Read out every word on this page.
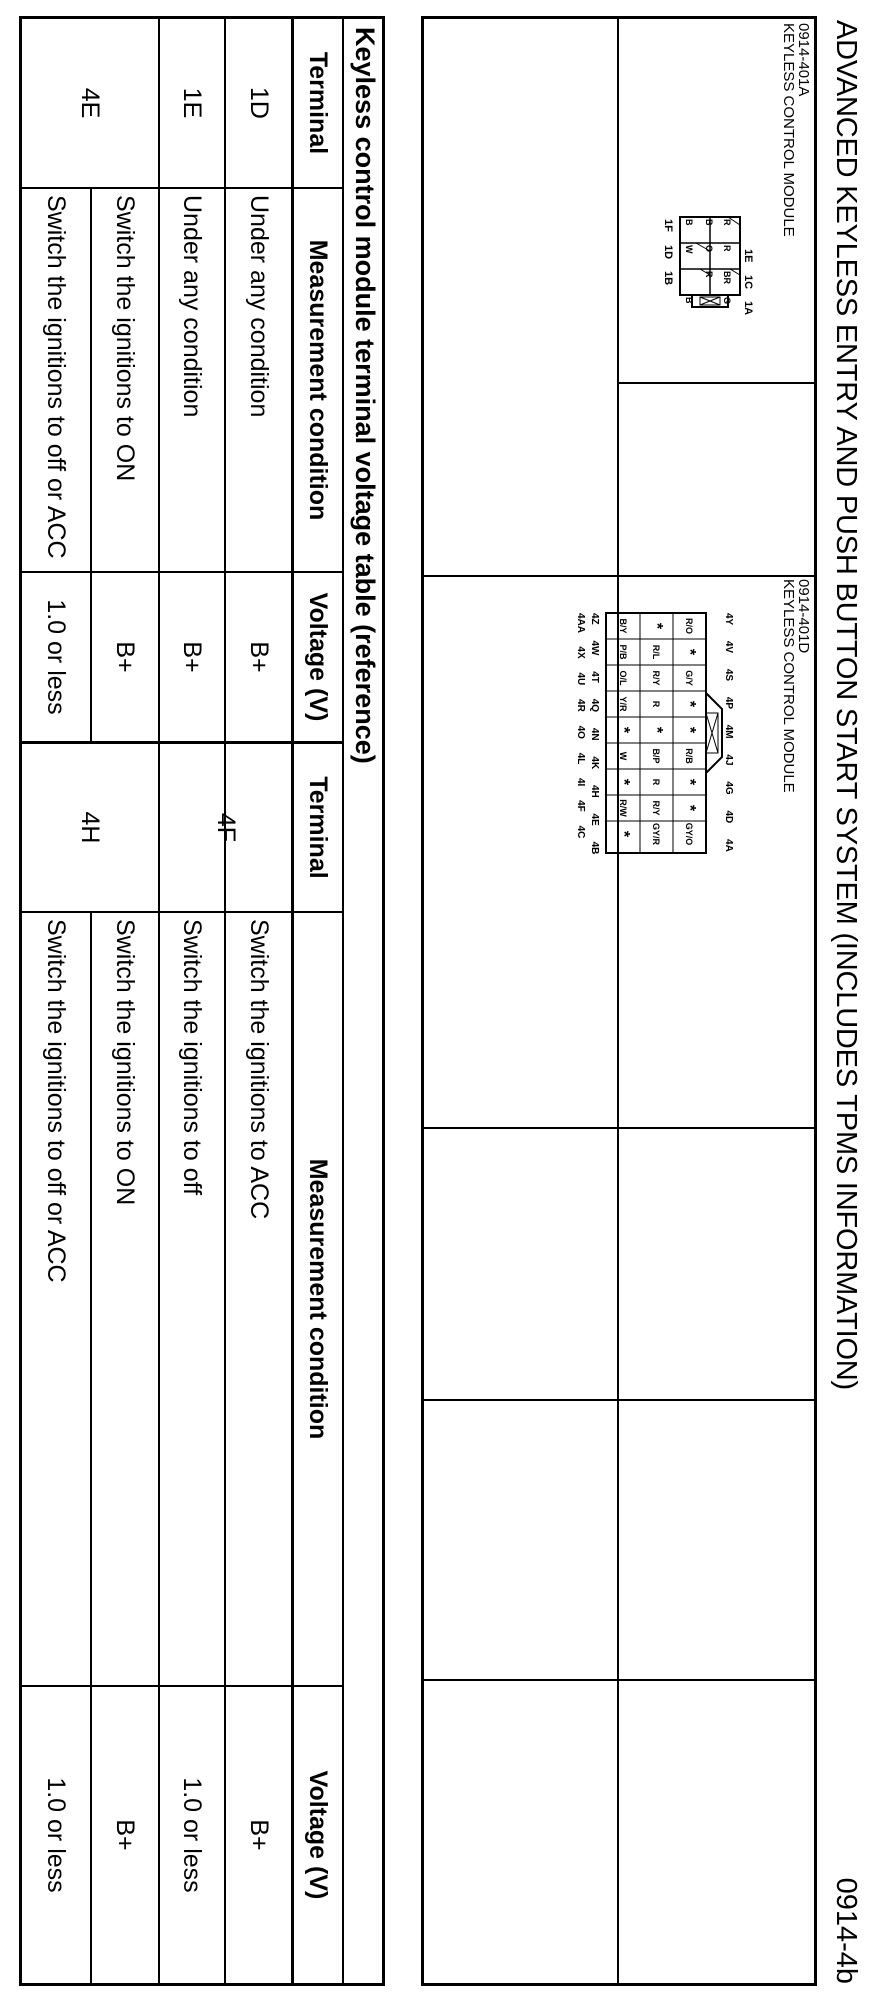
ADVANCED KEYLESS ENTRY AND PUSH BUTTON START SYSTEM (INCLUDES TPMS INFORMATION)
0914-4b
0914-401A
KEYLESS CONTROL MODULE
1E
1C
1A
1F
1D
1B
0914-401D
KEYLESS CONTROL MODULE
4Y 4V 4S 4P 4M 4J 4G 4D 4A
4Z 4W 4T 4Q 4N 4K 4H 4E 4B
4AA 4X 4U 4R 4O 4L 4I 4F 4C
R/O
*
G/Y
*
*
R/B
*
*
GY/O
*
R/L
R/Y
R
*
B/P
R
R/Y
GY/R
B/Y
P/B
O/L
Y/R
*
W
*
R/W
*
R
B
BR
B
R
G
O
W
B
R
Keyless control module terminal voltage table (reference)
Terminal
Measurement condition
Voltage (V)
Terminal
Measurement condition
Voltage (V)
1D
Under any condition
B+
1E
Under any condition
B+
4E
Switch the ignitions to ON
B+
Switch the ignitions to off or ACC
1.0 or less
4F
Switch the ignitions to ACC
B+
Switch the ignitions to off
1.0 or less
4H
Switch the ignitions to ON
B+
Switch the ignitions to off or ACC
1.0 or less
